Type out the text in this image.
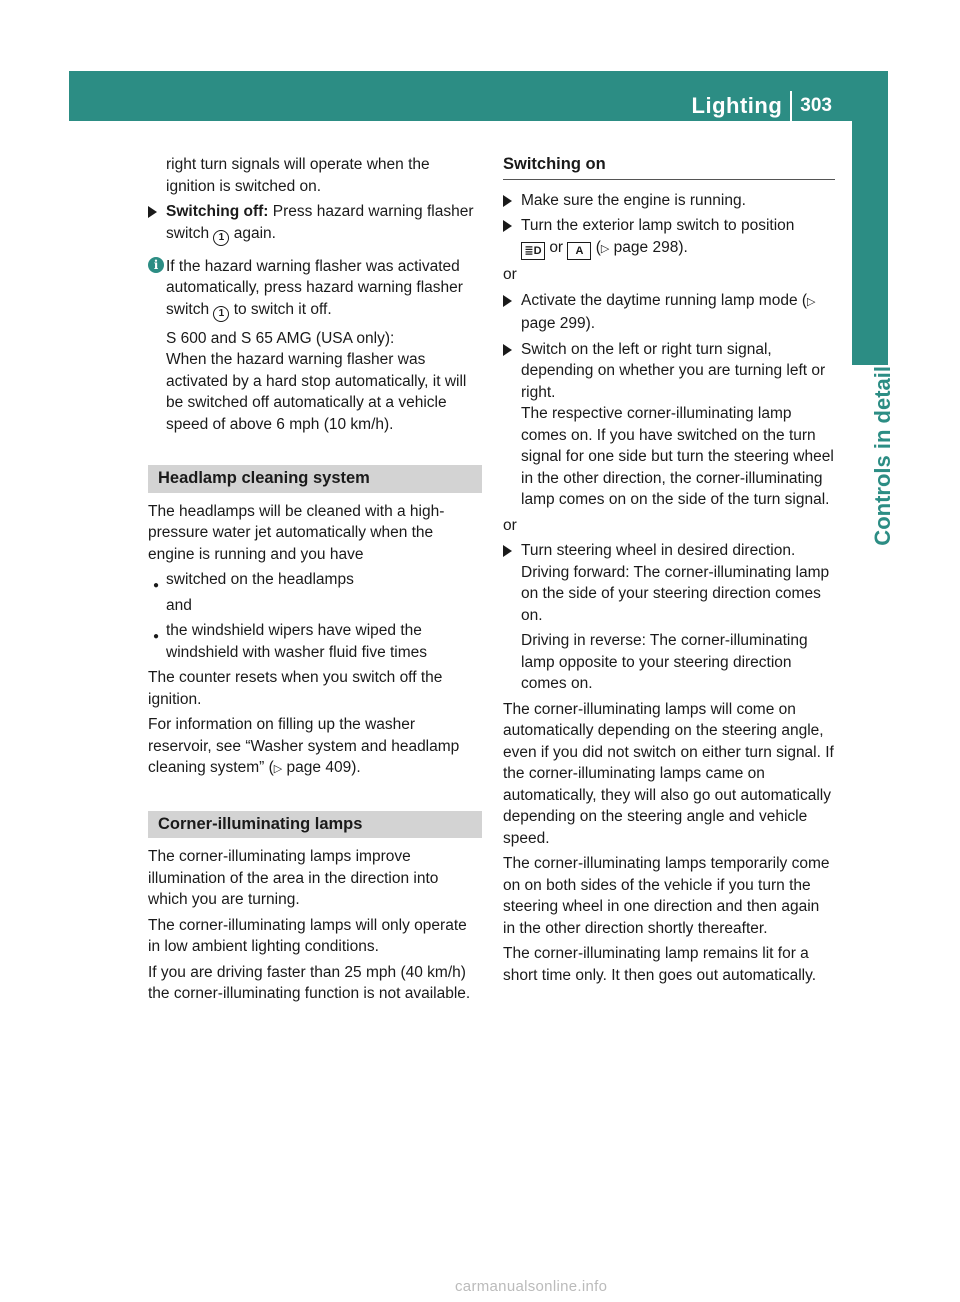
Lighting 303
Controls in detail

right turn signals will operate when the ignition is switched on.

Switching off: Press hazard warning flasher switch 1 again.

i If the hazard warning flasher was activated automatically, press hazard warning flasher switch 1 to switch it off.

S 600 and S 65 AMG (USA only):
When the hazard warning flasher was activated by a hard stop automatically, it will be switched off automatically at a vehicle speed of above 6 mph (10 km/h).

Headlamp cleaning system

The headlamps will be cleaned with a high-pressure water jet automatically when the engine is running and you have

● switched on the headlamps

and

● the windshield wipers have wiped the windshield with washer fluid five times

The counter resets when you switch off the ignition.

For information on filling up the washer reservoir, see “Washer system and headlamp cleaning system” (▷ page 409).

Corner-illuminating lamps

The corner-illuminating lamps improve illumination of the area in the direction into which you are turning.

The corner-illuminating lamps will only operate in low ambient lighting conditions.

If you are driving faster than 25 mph (40 km/h) the corner-illuminating function is not available.

Switching on

Make sure the engine is running.

Turn the exterior lamp switch to position
≣D or A (▷ page 298).

or

Activate the daytime running lamp mode (▷ page 299).

Switch on the left or right turn signal, depending on whether you are turning left or right.
The respective corner-illuminating lamp comes on. If you have switched on the turn signal for one side but turn the steering wheel in the other direction, the corner-illuminating lamp comes on on the side of the turn signal.

or

Turn steering wheel in desired direction.
Driving forward: The corner-illuminating lamp on the side of your steering direction comes on.

Driving in reverse: The corner-illuminating lamp opposite to your steering direction comes on.

The corner-illuminating lamps will come on automatically depending on the steering angle, even if you did not switch on either turn signal. If the corner-illuminating lamps came on automatically, they will also go out automatically depending on the steering angle and vehicle speed.

The corner-illuminating lamps temporarily come on on both sides of the vehicle if you turn the steering wheel in one direction and then again in the other direction shortly thereafter.

The corner-illuminating lamp remains lit for a short time only. It then goes out automatically.

carmanualsonline.info
